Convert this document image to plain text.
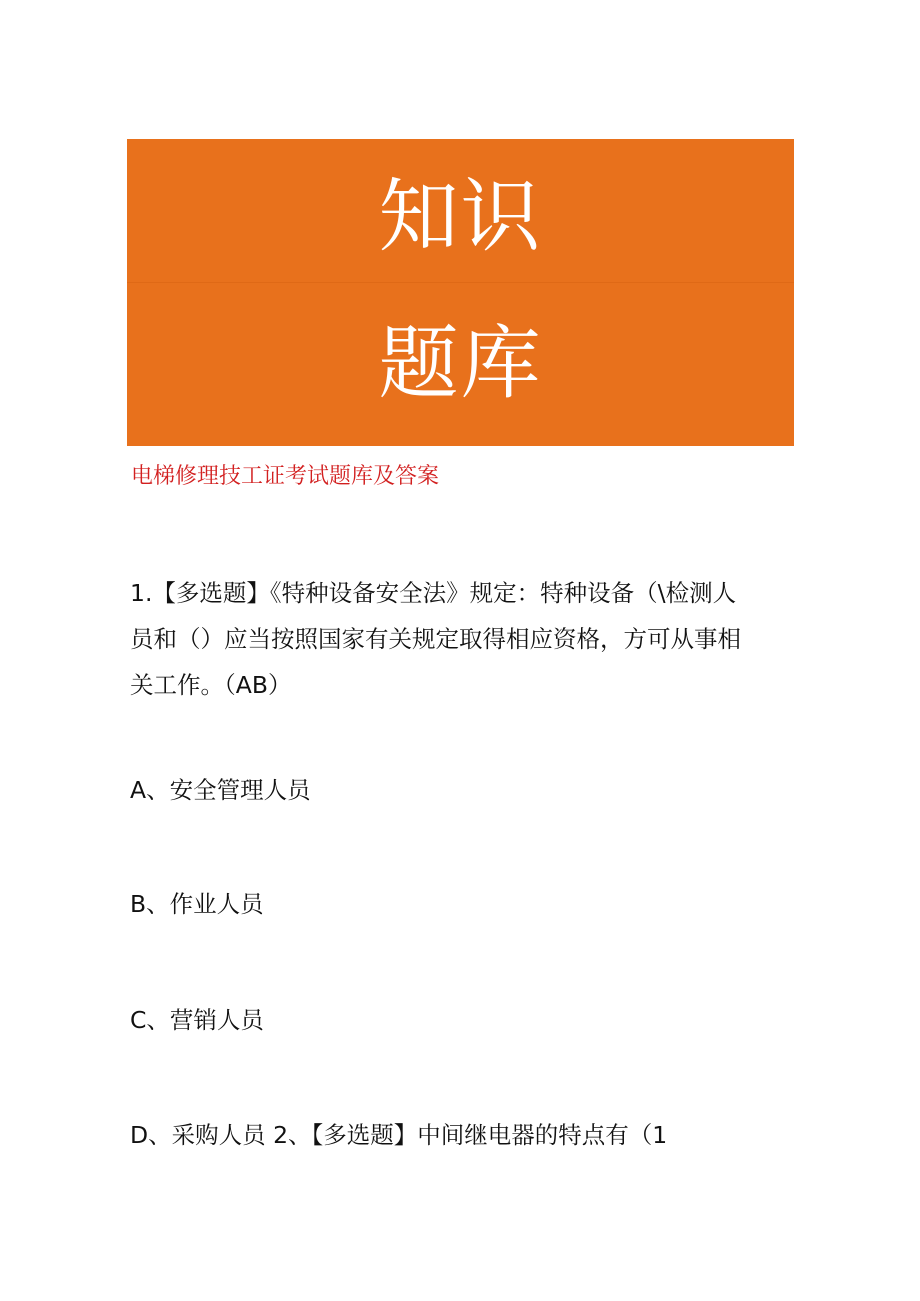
知识
题库
电梯修理技工证考试题库及答案
1.【多选题】《特种设备安全法》规定：特种设备（\检测人
员和（）应当按照国家有关规定取得相应资格，方可从事相
关工作。（AB）
A、安全管理人员
B、作业人员
C、营销人员
D、采购人员 2、【多选题】中间继电器的特点有（1
